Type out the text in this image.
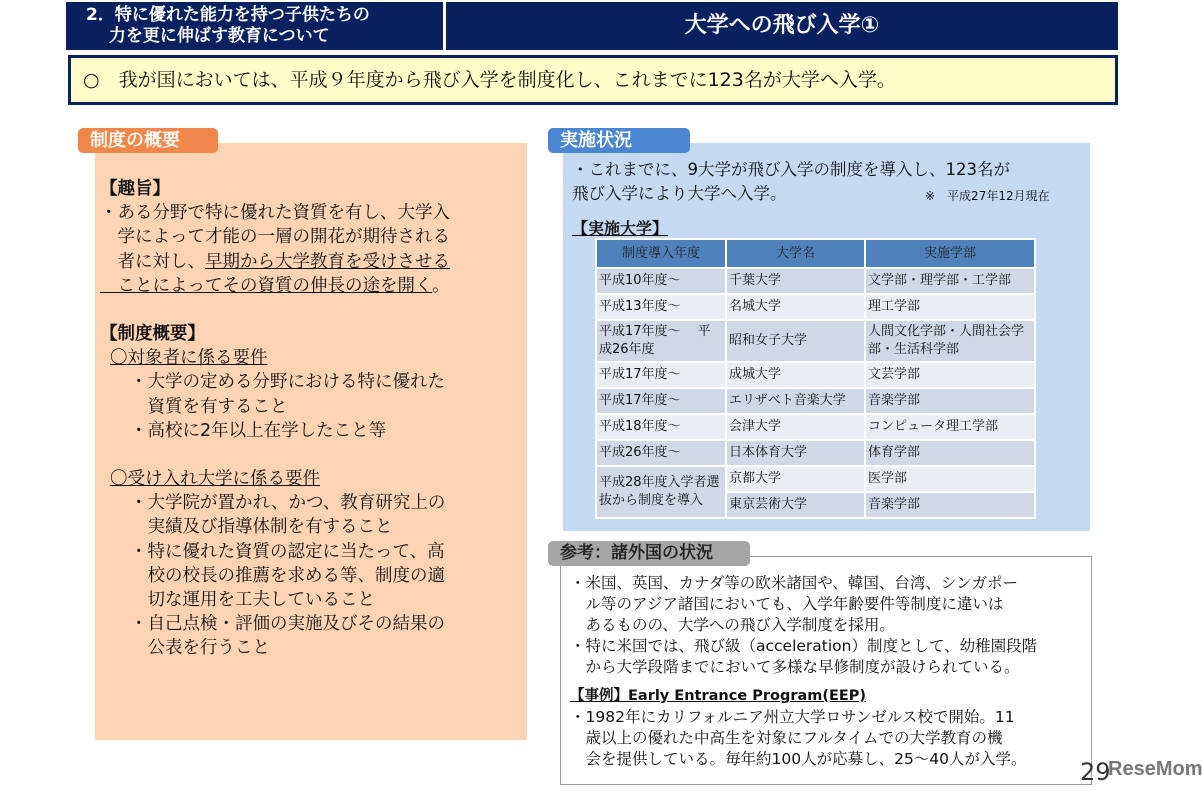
2．特に優れた能力を持つ子供たちの
　 力を更に伸ばす教育について	大学への飛び入学①
○　我が国においては、平成９年度から飛び入学を制度化し、これまでに123名が大学へ入学。
制度の概要
【趣旨】
・ある分野で特に優れた資質を有し、大学入
　学によって才能の一層の開花が期待される
　者に対し、早期から大学教育を受けさせる
　ことによってその資質の伸長の途を開く。
【制度概要】
〇対象者に係る要件
・大学の定める分野における特に優れた
　資質を有すること
・高校に2年以上在学したこと等
〇受け入れ大学に係る要件
・大学院が置かれ、かつ、教育研究上の
　実績及び指導体制を有すること
・特に優れた資質の認定に当たって、高
　校の校長の推薦を求める等、制度の適
　切な運用を工夫していること
・自己点検・評価の実施及びその結果の
　公表を行うこと
実施状況
・これまでに、9大学が飛び入学の制度を導入し、123名が
飛び入学により大学へ入学。	※　平成27年12月現在
【実施大学】
制度導入年度	大学名	実施学部
平成10年度～	千葉大学	文学部・理学部・工学部
平成13年度～	名城大学	理工学部
平成17年度～ 　平成26年度	昭和女子大学	人間文化学部・人間社会学部・生活科学部
平成17年度～	成城大学	文芸学部
平成17年度～	エリザベト音楽大学	音楽学部
平成18年度～	会津大学	コンピュータ理工学部
平成26年度～	日本体育大学	体育学部
平成28年度入学者選抜から制度を導入	京都大学	医学部
	東京芸術大学	音楽学部
参考：諸外国の状況
・米国、英国、カナダ等の欧米諸国や、韓国、台湾、シンガポー
　ル等のアジア諸国においても、入学年齢要件等制度に違いは
　あるものの、大学への飛び入学制度を採用。
・特に米国では、飛び級（acceleration）制度として、幼稚園段階
　から大学段階までにおいて多様な早修制度が設けられている。
【事例】Early Entrance Program(EEP)
・1982年にカリフォルニア州立大学ロサンゼルス校で開始。11
　歳以上の優れた中高生を対象にフルタイムでの大学教育の機
　会を提供している。毎年約100人が応募し、25～40人が入学。	29
ReseMom
